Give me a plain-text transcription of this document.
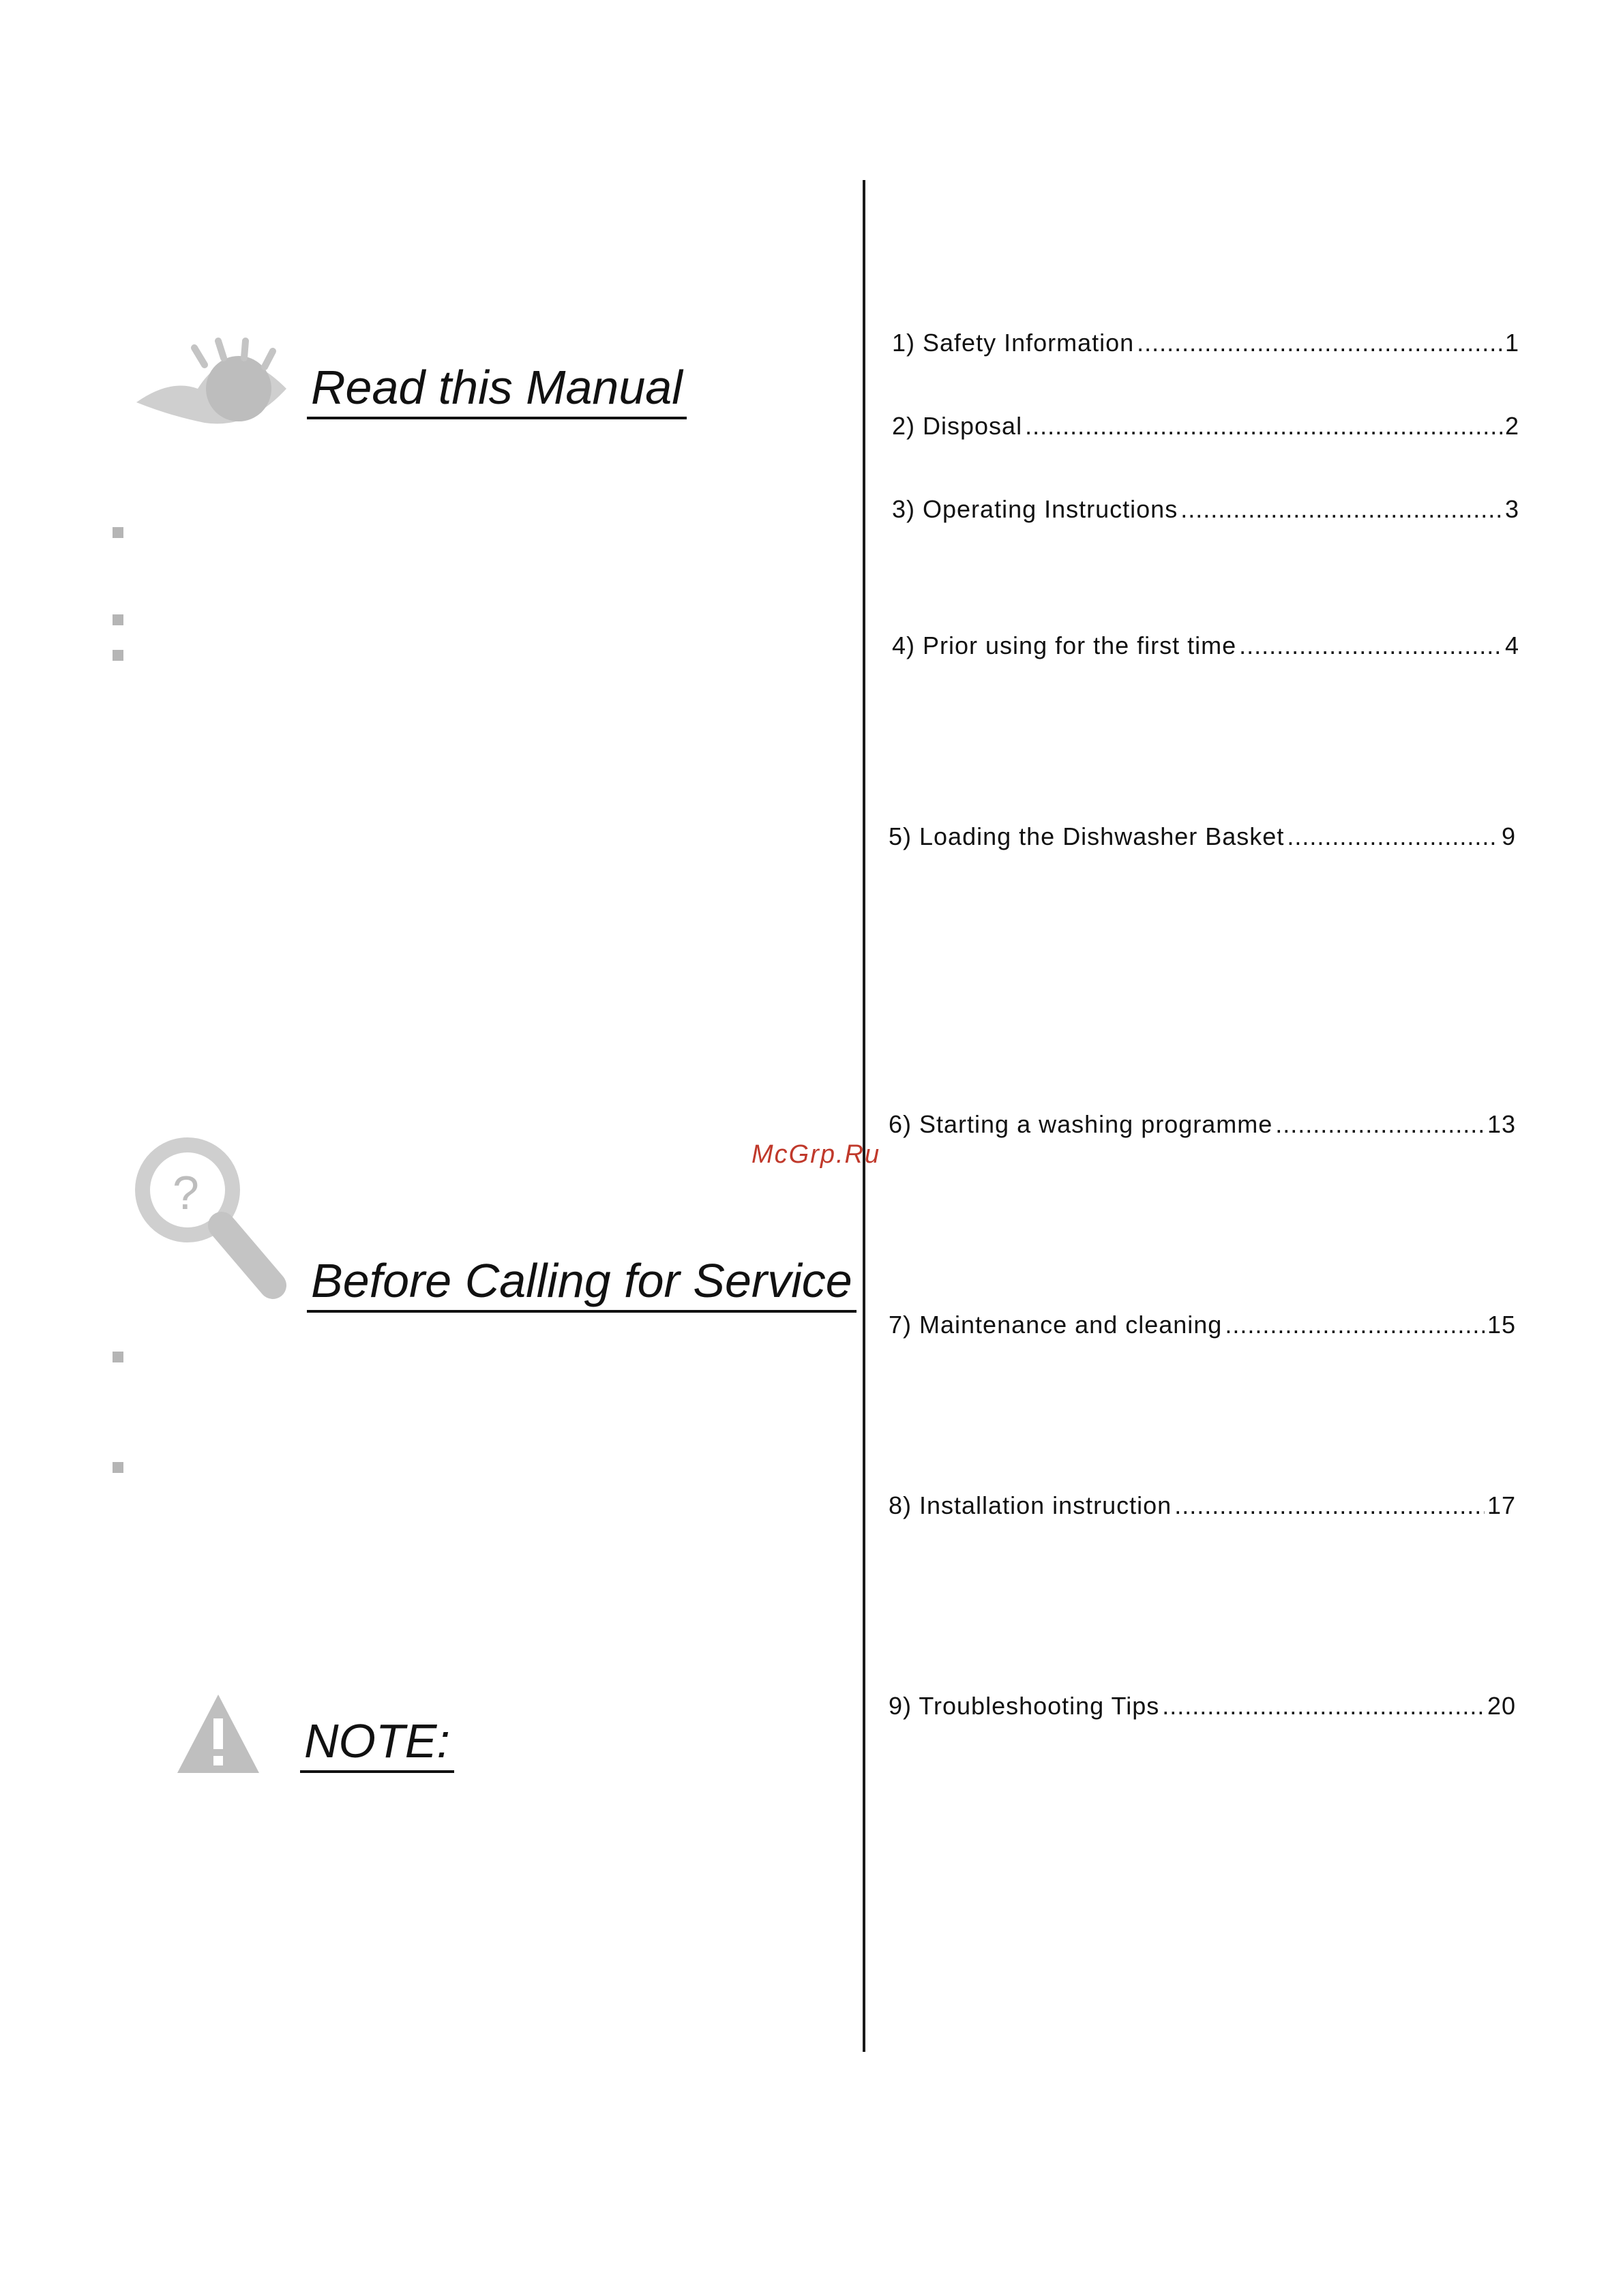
Read this Manual
?
Before Calling for Service
NOTE:
McGrp.Ru
1) Safety Information .....	1
2) Disposal .....	2
3) Operating Instructions .....	3
4) Prior using for the first time .....	4
5) Loading the Dishwasher Basket .....	9
6) Starting a washing programme .....	13
7) Maintenance and cleaning .....	15
8) Installation instruction .....	17
9) Troubleshooting Tips .....	20
